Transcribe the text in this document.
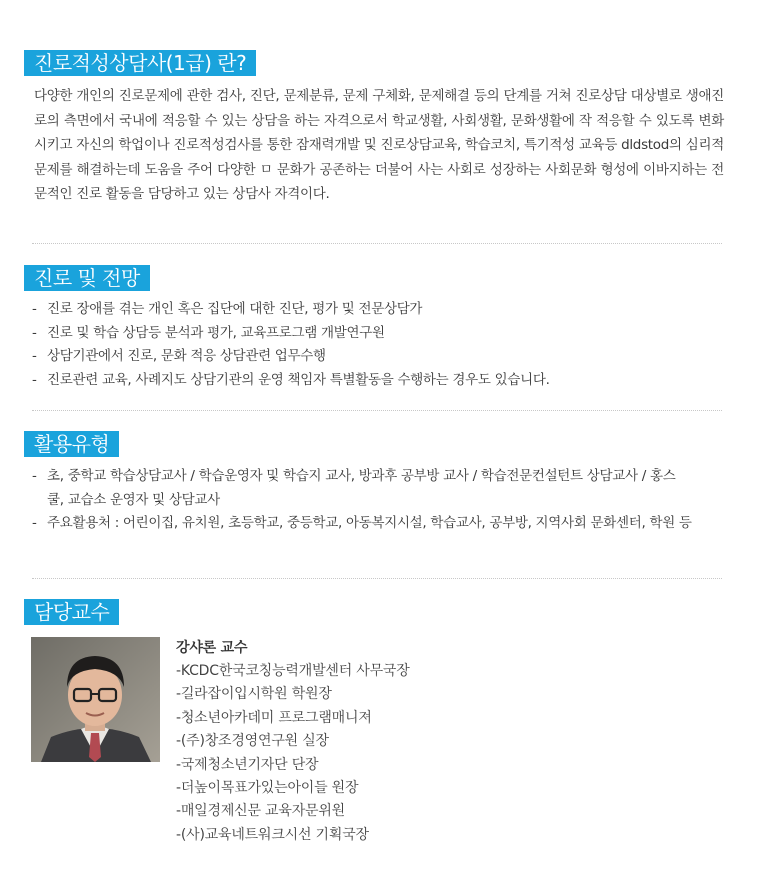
진로적성상담사(1급) 란?
다양한 개인의 진로문제에 관한 검사, 진단, 문제분류, 문제 구체화, 문제해결 등의 단계를 거쳐 진로상담 대상별로 생애진로의 측면에서 국내에 적응할 수 있는 상담을 하는 자격으로서 학교생활, 사회생활, 문화생활에 작 적응할 수 있도록 변화시키고 자신의 학업이나 진로적성검사를 통한 잠재력개발 및 진로상담교육, 학습코치, 특기적성 교육등 dldstod의 심리적 문제를 해결하는데 도움을 주어 다양한 ㅁ 문화가 공존하는 더불어 사는 사회로 성장하는 사회문화 형성에 이바지하는 전문적인 진로 활동을 담당하고 있는 상담사 자격이다.
진로 및 전망
- 진로 장애를 겪는 개인 혹은 집단에 대한 진단, 평가 및 전문상담가
- 진로 및 학습 상담등 분석과 평가, 교육프로그램 개발연구원
- 상담기관에서 진로, 문화 적응 상담관련 업무수행
- 진로관련 교육, 사례지도 상담기관의 운영 책임자 특별활동을 수행하는 경우도 있습니다.
활용유형
- 초, 중학교 학습상담교사 / 학습운영자 및 학습지 교사, 방과후 공부방 교사 / 학습전문컨설턴트 상담교사 / 홍스쿨, 교습소 운영자 및 상담교사
- 주요활용처 : 어린이집, 유치원, 초등학교, 중등학교, 아동복지시설, 학습교사, 공부방, 지역사회 문화센터, 학원 등
담당교수
강샤론 교수
-KCDC한국코칭능력개발센터 사무국장
-길라잡이입시학원 학원장
-청소년아카데미 프로그램매니져
-(주)창조경영연구원 실장
-국제청소년기자단 단장
-더높이목표가있는아이들 원장
-매일경제신문 교육자문위원
-(사)교육네트워크시선 기획국장
